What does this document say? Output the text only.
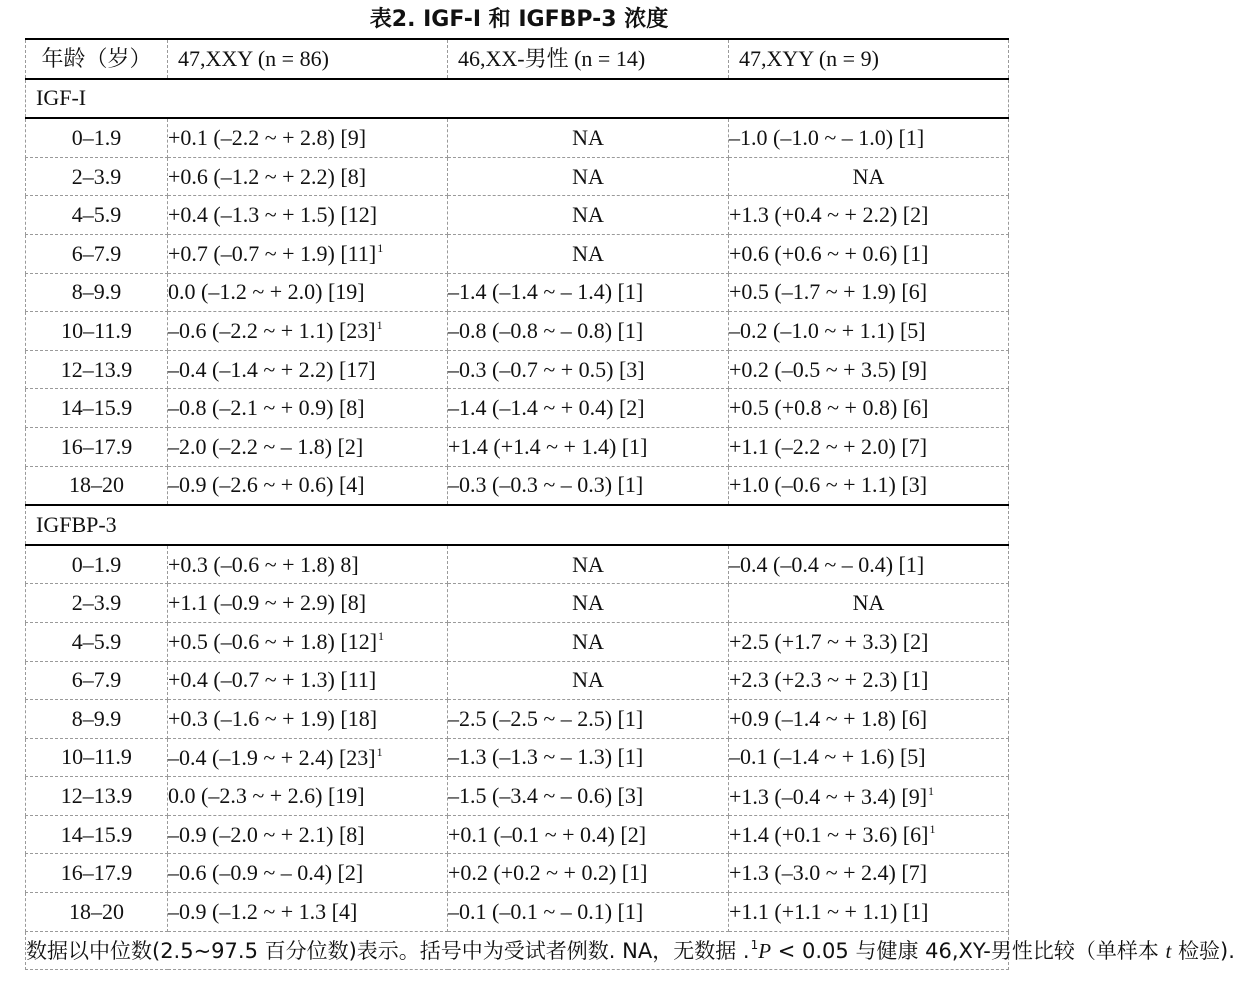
表2. IGF-I 和 IGFBP-3 浓度
年龄（岁）	47,XXY (n = 86)	46,XX-男性 (n = 14)	47,XYY (n = 9)
IGF-I			
0–1.9	+0.1 (–2.2 ~ + 2.8) [9]	NA	–1.0 (–1.0 ~ – 1.0) [1]
2–3.9	+0.6 (–1.2 ~ + 2.2) [8]	NA	NA
4–5.9	+0.4 (–1.3 ~ + 1.5) [12]	NA	+1.3 (+0.4 ~ + 2.2) [2]
6–7.9	+0.7 (–0.7 ~ + 1.9) $[11]^1$	NA	+0.6 (+0.6 ~ + 0.6) [1]
8–9.9	0.0 (–1.2 ~ + 2.0) [19]	–1.4 (–1.4 ~ – 1.4) [1]	+0.5 (–1.7 ~ + 1.9) [6]
10–11.9	–0.6 (–2.2 ~ + 1.1) $[23]^1$	–0.8 (–0.8 ~ – 0.8) [1]	–0.2 (–1.0 ~ + 1.1) [5]
12–13.9	–0.4 (–1.4 ~ + 2.2) [17]	–0.3 (–0.7 ~ + 0.5) [3]	+0.2 (–0.5 ~ + 3.5) [9]
14–15.9	–0.8 (–2.1 ~ + 0.9) [8]	–1.4 (–1.4 ~ + 0.4) [2]	+0.5 (+0.8 ~ + 0.8) [6]
16–17.9	–2.0 (–2.2 ~ – 1.8) [2]	+1.4 (+1.4 ~ + 1.4) [1]	+1.1 (–2.2 ~ + 2.0) [7]
18–20	–0.9 (–2.6 ~ + 0.6) [4]	–0.3 (–0.3 ~ – 0.3) [1]	+1.0 (–0.6 ~ + 1.1) [3]
IGFBP-3			
0–1.9	+0.3 (–0.6 ~ + 1.8) 8]	NA	–0.4 (–0.4 ~ – 0.4) [1]
2–3.9	+1.1 (–0.9 ~ + 2.9) [8]	NA	NA
4–5.9	+0.5 (–0.6 ~ + 1.8) $[12]^1$	NA	+2.5 (+1.7 ~ + 3.3) [2]
6–7.9	+0.4 (–0.7 ~ + 1.3) [11]	NA	+2.3 (+2.3 ~ + 2.3) [1]
8–9.9	+0.3 (–1.6 ~ + 1.9) [18]	–2.5 (–2.5 ~ – 2.5) [1]	+0.9 (–1.4 ~ + 1.8) [6]
10–11.9	–0.4 (–1.9 ~ + 2.4) $[23]^1$	–1.3 (–1.3 ~ – 1.3) [1]	–0.1 (–1.4 ~ + 1.6) [5]
12–13.9	0.0 (–2.3 ~ + 2.6) [19]	–1.5 (–3.4 ~ – 0.6) [3]	+1.3 (–0.4 ~ + 3.4) $[9]^1$
14–15.9	–0.9 (–2.0 ~ + 2.1) [8]	+0.1 (–0.1 ~ + 0.4) [2]	+1.4 (+0.1 ~ + 3.6) $[6]^1$
16–17.9	–0.6 (–0.9 ~ – 0.4) [2]	+0.2 (+0.2 ~ + 0.2) [1]	+1.3 (–3.0 ~ + 2.4) [7]
18–20	–0.9 (–1.2 ~ + 1.3 [4]	–0.1 (–0.1 ~ – 0.1) [1]	+1.1 (+1.1 ~ + 1.1) [1]
数据以中位数(2.5~97.5 百分位数)表示。括号中为受试者例数. NA，无数据 .$^1$P < 0.05 与健康 46,XY-男性比较（单样本 t 检验).			
